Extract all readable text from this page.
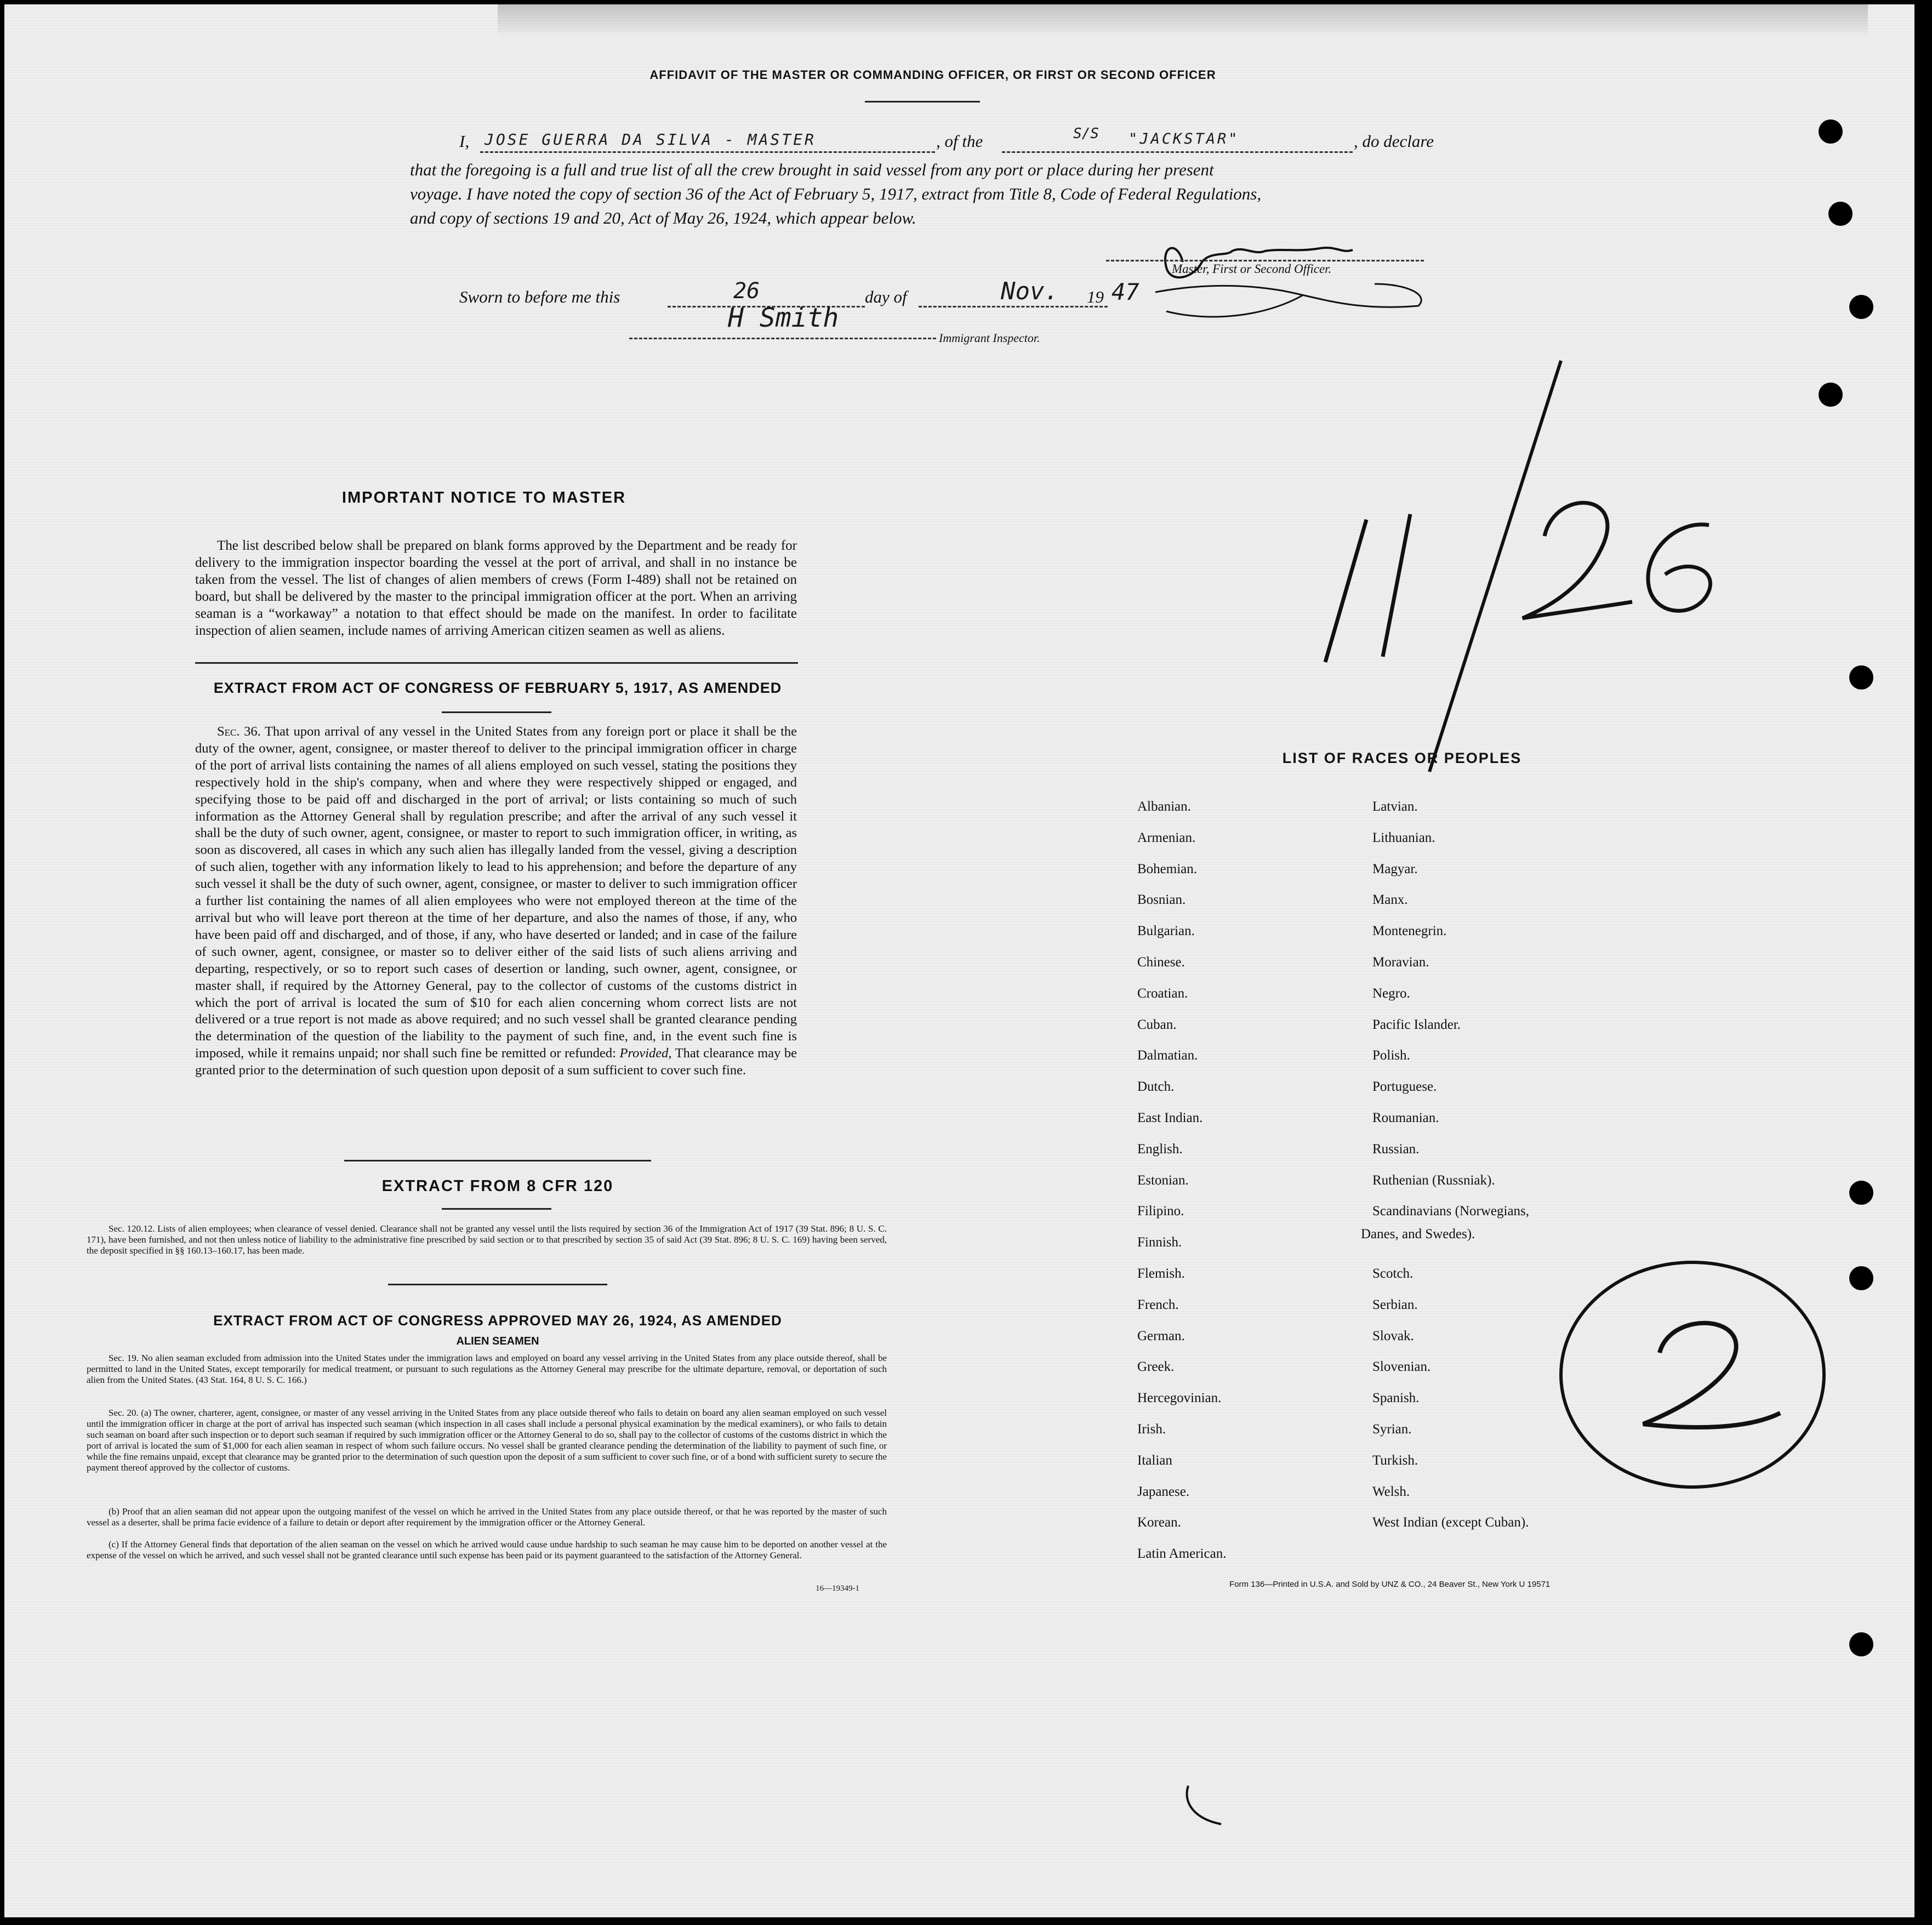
AFFIDAVIT OF THE MASTER OR COMMANDING OFFICER, OR FIRST OR SECOND OFFICER
I, JOSE GUERRA DA SILVA - MASTER	, of the	S/S "JACKSTAR"	, do declare
that the foregoing is a full and true list of all the crew brought in said vessel from any port or place during her present
voyage. I have noted the copy of section 36 of the Act of February 5, 1917, extract from Title 8, Code of Federal Regulations,
and copy of sections 19 and 20, Act of May 26, 1924, which appear below.
Master, First or Second Officer.
Sworn to before me this	26	day of	Nov.	19 47
H Smith
Immigrant Inspector.
IMPORTANT NOTICE TO MASTER
The list described below shall be prepared on blank forms approved by the Department and be ready for delivery to the immigration inspector boarding the vessel at the port of arrival, and shall in no instance be taken from the vessel. The list of changes of alien members of crews (Form I-489) shall not be retained on board, but shall be delivered by the master to the principal immigration officer at the port. When an arriving seaman is a “workaway” a notation to that effect should be made on the manifest. In order to facilitate inspection of alien seamen, include names of arriving American citizen seamen as well as aliens.
EXTRACT FROM ACT OF CONGRESS OF FEBRUARY 5, 1917, AS AMENDED
Sec. 36. That upon arrival of any vessel in the United States from any foreign port or place it shall be the duty of the owner, agent, consignee, or master thereof to deliver to the principal immigration officer in charge of the port of arrival lists containing the names of all aliens employed on such vessel, stating the positions they respectively hold in the ship's company, when and where they were respectively shipped or engaged, and specifying those to be paid off and discharged in the port of arrival; or lists containing so much of such information as the Attorney General shall by regulation prescribe; and after the arrival of any such vessel it shall be the duty of such owner, agent, consignee, or master to report to such immigration officer, in writing, as soon as discovered, all cases in which any such alien has illegally landed from the vessel, giving a description of such alien, together with any information likely to lead to his apprehension; and before the departure of any such vessel it shall be the duty of such owner, agent, consignee, or master to deliver to such immigration officer a further list containing the names of all alien employees who were not employed thereon at the time of the arrival but who will leave port thereon at the time of her departure, and also the names of those, if any, who have been paid off and discharged, and of those, if any, who have deserted or landed; and in case of the failure of such owner, agent, consignee, or master so to deliver either of the said lists of such aliens arriving and departing, respectively, or so to report such cases of desertion or landing, such owner, agent, consignee, or master shall, if required by the Attorney General, pay to the collector of customs of the customs district in which the port of arrival is located the sum of $10 for each alien concerning whom correct lists are not delivered or a true report is not made as above required; and no such vessel shall be granted clearance pending the determination of the question of the liability to the payment of such fine, and, in the event such fine is imposed, while it remains unpaid; nor shall such fine be remitted or refunded: Provided, That clearance may be granted prior to the determination of such question upon deposit of a sum sufficient to cover such fine.
EXTRACT FROM 8 CFR 120
Sec. 120.12. Lists of alien employees; when clearance of vessel denied. Clearance shall not be granted any vessel until the lists required by section 36 of the Immigration Act of 1917 (39 Stat. 896; 8 U. S. C. 171), have been furnished, and not then unless notice of liability to the administrative fine prescribed by said section or to that prescribed by section 35 of said Act (39 Stat. 896; 8 U. S. C. 169) having been served, the deposit specified in §§ 160.13–160.17, has been made.
EXTRACT FROM ACT OF CONGRESS APPROVED MAY 26, 1924, AS AMENDED
ALIEN SEAMEN
Sec. 19. No alien seaman excluded from admission into the United States under the immigration laws and employed on board any vessel arriving in the United States from any place outside thereof, shall be permitted to land in the United States, except temporarily for medical treatment, or pursuant to such regulations as the Attorney General may prescribe for the ultimate departure, removal, or deportation of such alien from the United States. (43 Stat. 164, 8 U. S. C. 166.)
Sec. 20. (a) The owner, charterer, agent, consignee, or master of any vessel arriving in the United States from any place outside thereof who fails to detain on board any alien seaman employed on such vessel until the immigration officer in charge at the port of arrival has inspected such seaman (which inspection in all cases shall include a personal physical examination by the medical examiners), or who fails to detain such seaman on board after such inspection or to deport such seaman if required by such immigration officer or the Attorney General to do so, shall pay to the collector of customs of the customs district in which the port of arrival is located the sum of $1,000 for each alien seaman in respect of whom such failure occurs. No vessel shall be granted clearance pending the determination of the liability to payment of such fine, or while the fine remains unpaid, except that clearance may be granted prior to the determination of such question upon the deposit of a sum sufficient to cover such fine, or of a bond with sufficient surety to secure the payment thereof approved by the collector of customs.
(b) Proof that an alien seaman did not appear upon the outgoing manifest of the vessel on which he arrived in the United States from any place outside thereof, or that he was reported by the master of such vessel as a deserter, shall be prima facie evidence of a failure to detain or deport after requirement by the immigration officer or the Attorney General.
(c) If the Attorney General finds that deportation of the alien seaman on the vessel on which he arrived would cause undue hardship to such seaman he may cause him to be deported on another vessel at the expense of the vessel on which he arrived, and such vessel shall not be granted clearance until such expense has been paid or its payment guaranteed to the satisfaction of the Attorney General.
16—19349-1
LIST OF RACES OR PEOPLES
Danes, and Swedes).
Form 136—Printed in U.S.A. and Sold by UNZ & CO., 24 Beaver St., New York U 19571
Albanian.
Armenian.
Bohemian.
Bosnian.
Bulgarian.
Chinese.
Croatian.
Cuban.
Dalmatian.
Dutch.
East Indian.
English.
Estonian.
Filipino.
Finnish.
Flemish.
French.
German.
Greek.
Hercegovinian.
Irish.
Italian
Japanese.
Korean.
Latin American.
Latvian.
Lithuanian.
Magyar.
Manx.
Montenegrin.
Moravian.
Negro.
Pacific Islander.
Polish.
Portuguese.
Roumanian.
Russian.
Ruthenian (Russniak).
Scandinavians (Norwegians,
Scotch.
Serbian.
Slovak.
Slovenian.
Spanish.
Syrian.
Turkish.
Welsh.
West Indian (except Cuban).
